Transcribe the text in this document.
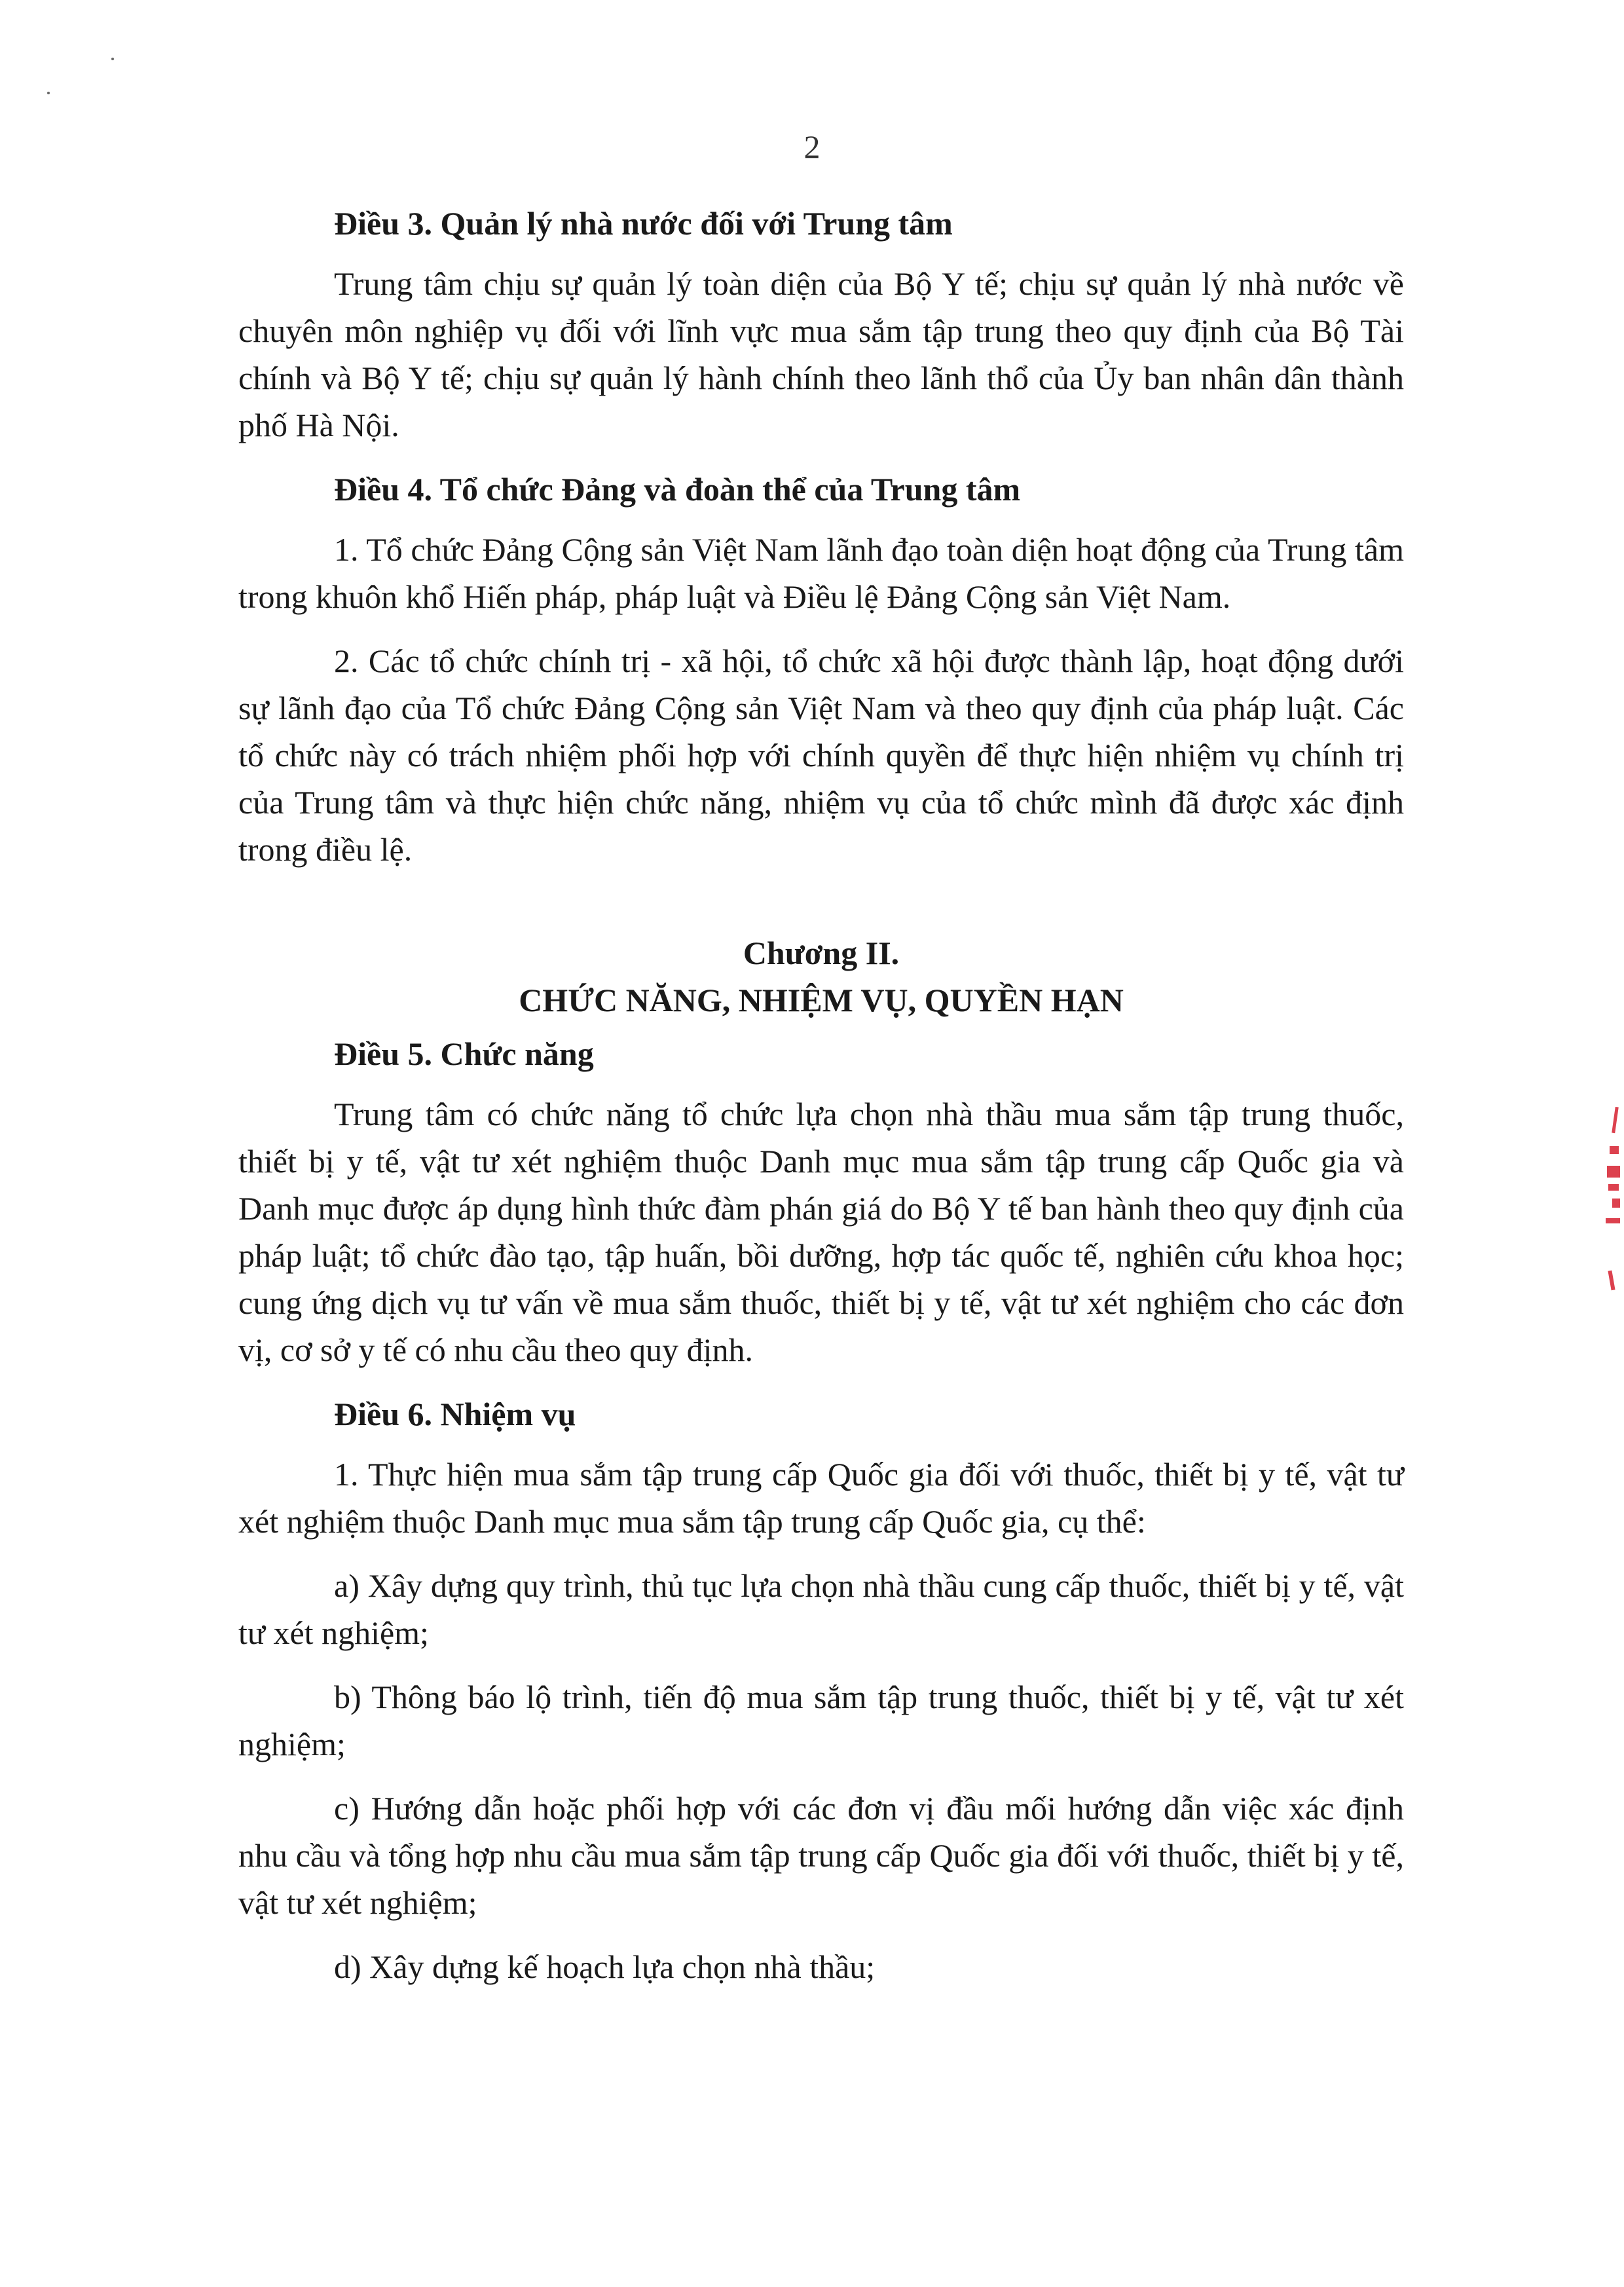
2

Điều 3. Quản lý nhà nước đối với Trung tâm

Trung tâm chịu sự quản lý toàn diện của Bộ Y tế; chịu sự quản lý nhà nước về chuyên môn nghiệp vụ đối với lĩnh vực mua sắm tập trung theo quy định của Bộ Tài chính và Bộ Y tế; chịu sự quản lý hành chính theo lãnh thổ của Ủy ban nhân dân thành phố Hà Nội.

Điều 4. Tổ chức Đảng và đoàn thể của Trung tâm

1. Tổ chức Đảng Cộng sản Việt Nam lãnh đạo toàn diện hoạt động của Trung tâm trong khuôn khổ Hiến pháp, pháp luật và Điều lệ Đảng Cộng sản Việt Nam.

2. Các tổ chức chính trị - xã hội, tổ chức xã hội được thành lập, hoạt động dưới sự lãnh đạo của Tổ chức Đảng Cộng sản Việt Nam và theo quy định của pháp luật. Các tổ chức này có trách nhiệm phối hợp với chính quyền để thực hiện nhiệm vụ chính trị của Trung tâm và thực hiện chức năng, nhiệm vụ của tổ chức mình đã được xác định trong điều lệ.

Chương II.

CHỨC NĂNG, NHIỆM VỤ, QUYỀN HẠN

Điều 5. Chức năng

Trung tâm có chức năng tổ chức lựa chọn nhà thầu mua sắm tập trung thuốc, thiết bị y tế, vật tư xét nghiệm thuộc Danh mục mua sắm tập trung cấp Quốc gia và Danh mục được áp dụng hình thức đàm phán giá do Bộ Y tế ban hành theo quy định của pháp luật; tổ chức đào tạo, tập huấn, bồi dưỡng, hợp tác quốc tế, nghiên cứu khoa học; cung ứng dịch vụ tư vấn về mua sắm thuốc, thiết bị y tế, vật tư xét nghiệm cho các đơn vị, cơ sở y tế có nhu cầu theo quy định.

Điều 6. Nhiệm vụ

1. Thực hiện mua sắm tập trung cấp Quốc gia đối với thuốc, thiết bị y tế, vật tư xét nghiệm thuộc Danh mục mua sắm tập trung cấp Quốc gia, cụ thể:

a) Xây dựng quy trình, thủ tục lựa chọn nhà thầu cung cấp thuốc, thiết bị y tế, vật tư xét nghiệm;

b) Thông báo lộ trình, tiến độ mua sắm tập trung thuốc, thiết bị y tế, vật tư xét nghiệm;

c) Hướng dẫn hoặc phối hợp với các đơn vị đầu mối hướng dẫn việc xác định nhu cầu và tổng hợp nhu cầu mua sắm tập trung cấp Quốc gia đối với thuốc, thiết bị y tế, vật tư xét nghiệm;

d) Xây dựng kế hoạch lựa chọn nhà thầu;
